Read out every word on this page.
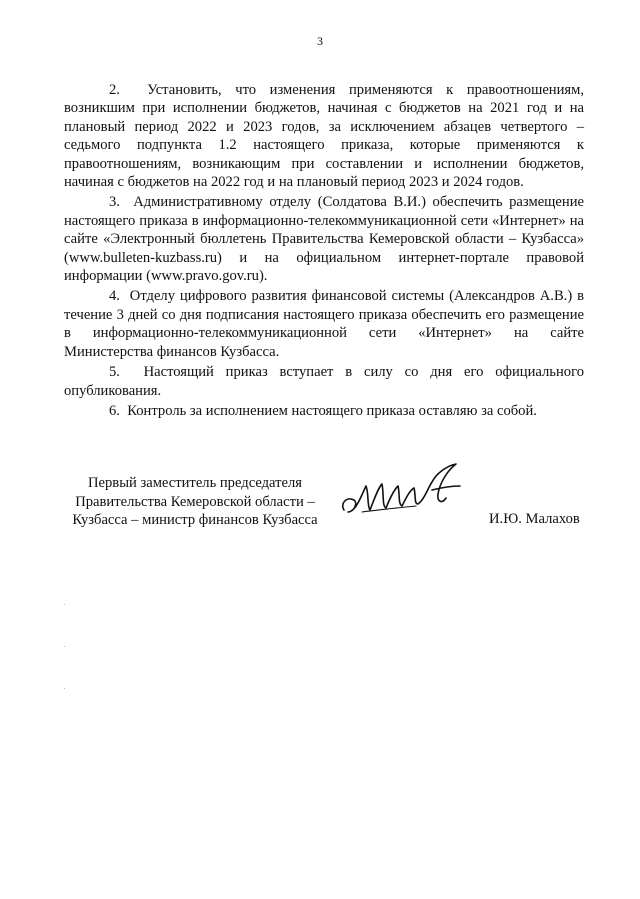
3

2. Установить, что изменения применяются к правоотношениям, возникшим при исполнении бюджетов, начиная с бюджетов на 2021 год и на плановый период 2022 и 2023 годов, за исключением абзацев четвертого – седьмого подпункта 1.2 настоящего приказа, которые применяются к правоотношениям, возникающим при составлении и исполнении бюджетов, начиная с бюджетов на 2022 год и на плановый период 2023 и 2024 годов.

3. Административному отделу (Солдатова В.И.) обеспечить размещение настоящего приказа в информационно-телекоммуникационной сети «Интернет» на сайте «Электронный бюллетень Правительства Кемеровской области – Кузбасса» (www.bulleten-kuzbass.ru) и на официальном интернет-портале правовой информации (www.pravo.gov.ru).

4. Отделу цифрового развития финансовой системы (Александров А.В.) в течение 3 дней со дня подписания настоящего приказа обеспечить его размещение в информационно-телекоммуникационной сети «Интернет» на сайте Министерства финансов Кузбасса.

5. Настоящий приказ вступает в силу со дня его официального опубликования.

6. Контроль за исполнением настоящего приказа оставляю за собой.

Первый заместитель председателя
Правительства Кемеровской области –
Кузбасса – министр финансов Кузбасса	И.Ю. Малахов
